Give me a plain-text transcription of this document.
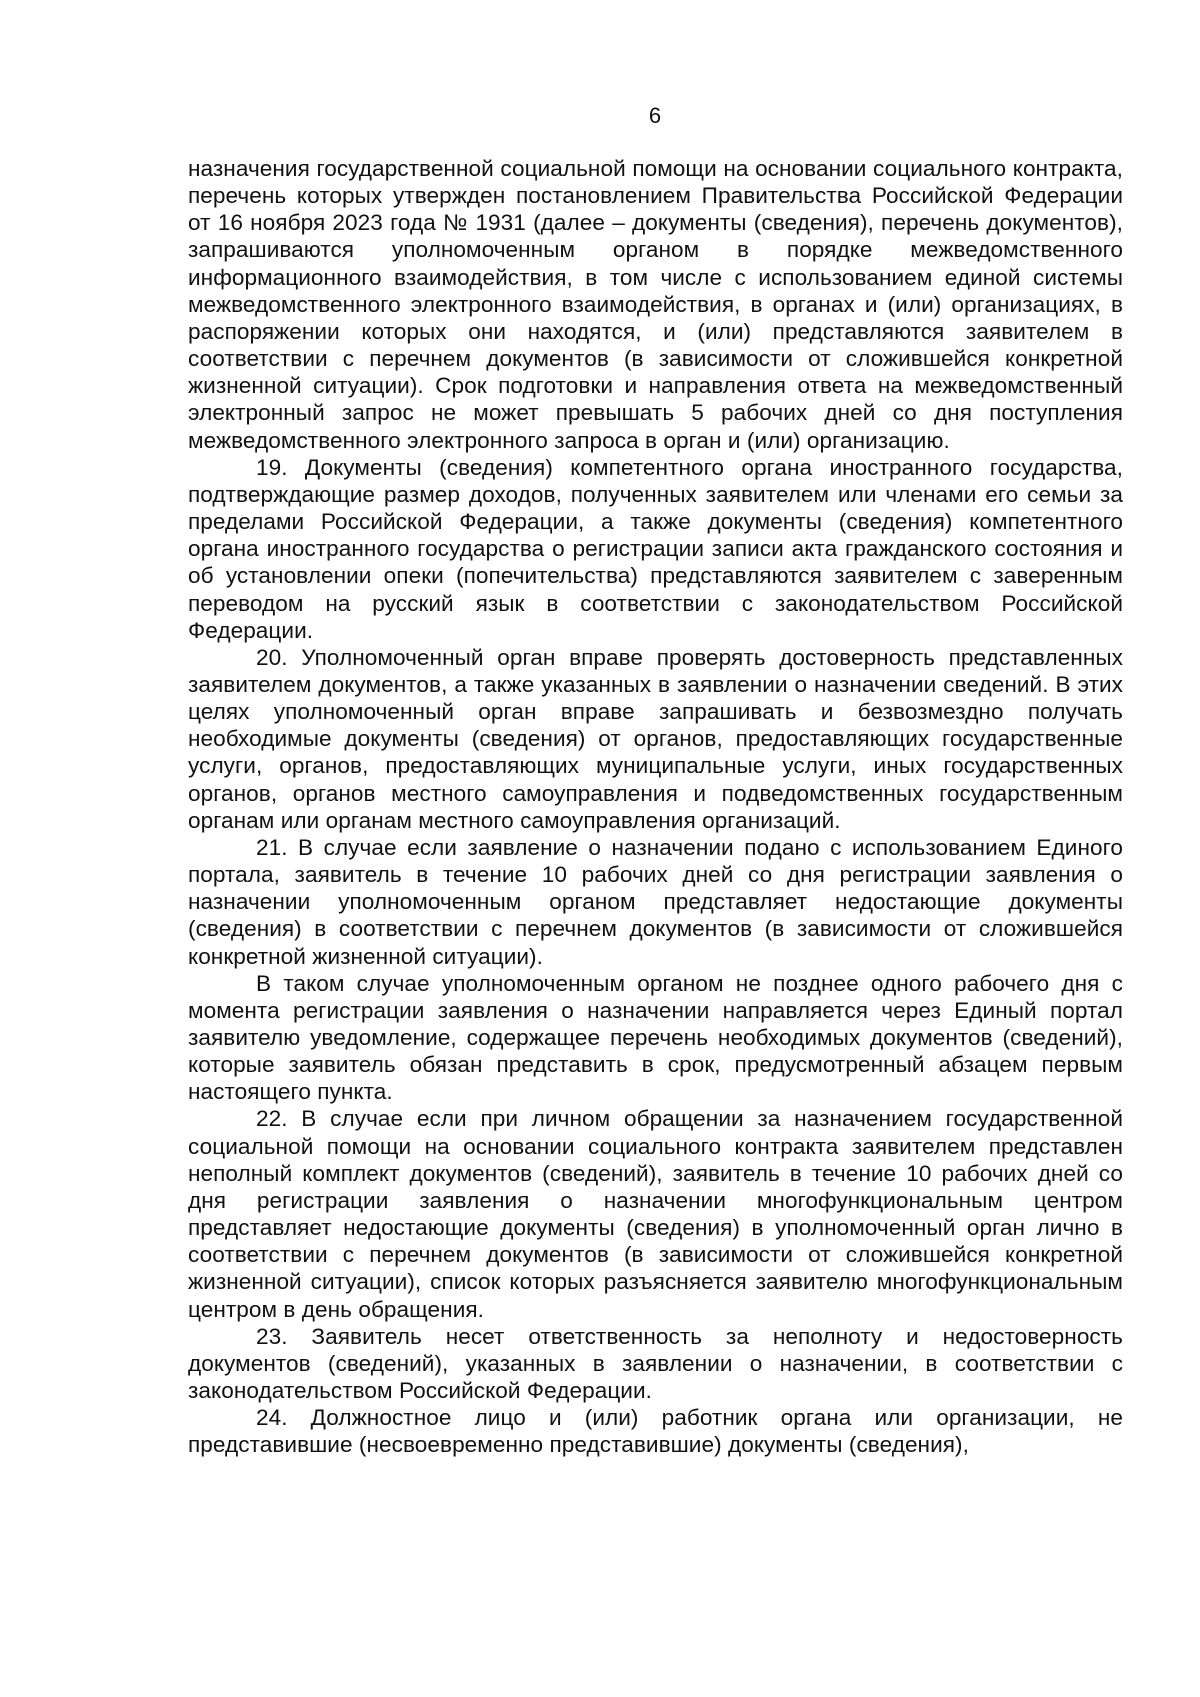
6

назначения государственной социальной помощи на основании социального контракта, перечень которых утвержден постановлением Правительства Российской Федерации от 16 ноября 2023 года № 1931 (далее – документы (сведения), перечень документов), запрашиваются уполномоченным органом в порядке межведомственного информационного взаимодействия, в том числе с использованием единой системы межведомственного электронного взаимодействия, в органах и (или) организациях, в распоряжении которых они находятся, и (или) представляются заявителем в соответствии с перечнем документов (в зависимости от сложившейся конкретной жизненной ситуации). Срок подготовки и направления ответа на межведомственный электронный запрос не может превышать 5 рабочих дней со дня поступления межведомственного электронного запроса в орган и (или) организацию.

19. Документы (сведения) компетентного органа иностранного государства, подтверждающие размер доходов, полученных заявителем или членами его семьи за пределами Российской Федерации, а также документы (сведения) компетентного органа иностранного государства о регистрации записи акта гражданского состояния и об установлении опеки (попечительства) представляются заявителем с заверенным переводом на русский язык в соответствии с законодательством Российской Федерации.

20. Уполномоченный орган вправе проверять достоверность представленных заявителем документов, а также указанных в заявлении о назначении сведений. В этих целях уполномоченный орган вправе запрашивать и безвозмездно получать необходимые документы (сведения) от органов, предоставляющих государственные услуги, органов, предоставляющих муниципальные услуги, иных государственных органов, органов местного самоуправления и подведомственных государственным органам или органам местного самоуправления организаций.

21. В случае если заявление о назначении подано с использованием Единого портала, заявитель в течение 10 рабочих дней со дня регистрации заявления о назначении уполномоченным органом представляет недостающие документы (сведения) в соответствии с перечнем документов (в зависимости от сложившейся конкретной жизненной ситуации).

В таком случае уполномоченным органом не позднее одного рабочего дня с момента регистрации заявления о назначении направляется через Единый портал заявителю уведомление, содержащее перечень необходимых документов (сведений), которые заявитель обязан представить в срок, предусмотренный абзацем первым настоящего пункта.

22. В случае если при личном обращении за назначением государственной социальной помощи на основании социального контракта заявителем представлен неполный комплект документов (сведений), заявитель в течение 10 рабочих дней со дня регистрации заявления о назначении многофункциональным центром представляет недостающие документы (сведения) в уполномоченный орган лично в соответствии с перечнем документов (в зависимости от сложившейся конкретной жизненной ситуации), список которых разъясняется заявителю многофункциональным центром в день обращения.

23. Заявитель несет ответственность за неполноту и недостоверность документов (сведений), указанных в заявлении о назначении, в соответствии с законодательством Российской Федерации.

24. Должностное лицо и (или) работник органа или организации, не представившие (несвоевременно представившие) документы (сведения),
